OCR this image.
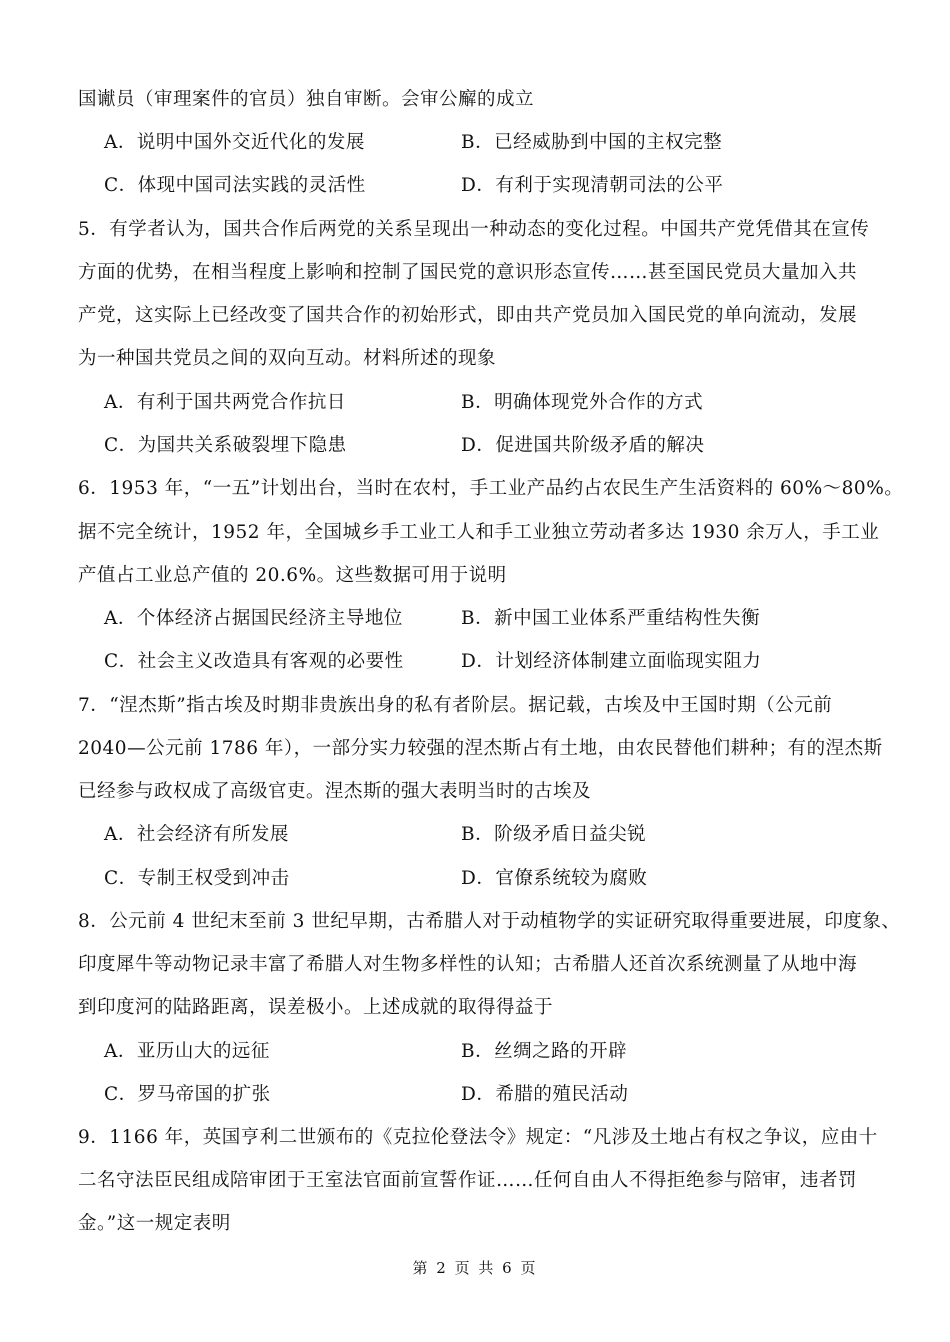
国谳员（审理案件的官员）独自审断。会审公廨的成立
A．说明中国外交近代化的发展	B．已经威胁到中国的主权完整
C．体现中国司法实践的灵活性	D．有利于实现清朝司法的公平
5．有学者认为，国共合作后两党的关系呈现出一种动态的变化过程。中国共产党凭借其在宣传
方面的优势，在相当程度上影响和控制了国民党的意识形态宣传……甚至国民党员大量加入共
产党，这实际上已经改变了国共合作的初始形式，即由共产党员加入国民党的单向流动，发展
为一种国共党员之间的双向互动。材料所述的现象
A．有利于国共两党合作抗日	B．明确体现党外合作的方式
C．为国共关系破裂埋下隐患	D．促进国共阶级矛盾的解决
6．1953 年，“一五”计划出台，当时在农村，手工业产品约占农民生产生活资料的 60%～80%。
据不完全统计，1952 年，全国城乡手工业工人和手工业独立劳动者多达 1930 余万人，手工业
产值占工业总产值的 20.6%。这些数据可用于说明
A．个体经济占据国民经济主导地位	B．新中国工业体系严重结构性失衡
C．社会主义改造具有客观的必要性	D．计划经济体制建立面临现实阻力
7．“涅杰斯”指古埃及时期非贵族出身的私有者阶层。据记载，古埃及中王国时期（公元前
2040—公元前 1786 年），一部分实力较强的涅杰斯占有土地，由农民替他们耕种；有的涅杰斯
已经参与政权成了高级官吏。涅杰斯的强大表明当时的古埃及
A．社会经济有所发展	B．阶级矛盾日益尖锐
C．专制王权受到冲击	D．官僚系统较为腐败
8．公元前 4 世纪末至前 3 世纪早期，古希腊人对于动植物学的实证研究取得重要进展，印度象、
印度犀牛等动物记录丰富了希腊人对生物多样性的认知；古希腊人还首次系统测量了从地中海
到印度河的陆路距离，误差极小。上述成就的取得得益于
A．亚历山大的远征	B．丝绸之路的开辟
C．罗马帝国的扩张	D．希腊的殖民活动
9．1166 年，英国亨利二世颁布的《克拉伦登法令》规定：“凡涉及土地占有权之争议，应由十
二名守法臣民组成陪审团于王室法官面前宣誓作证……任何自由人不得拒绝参与陪审，违者罚
金。”这一规定表明
第 2 页 共 6 页
